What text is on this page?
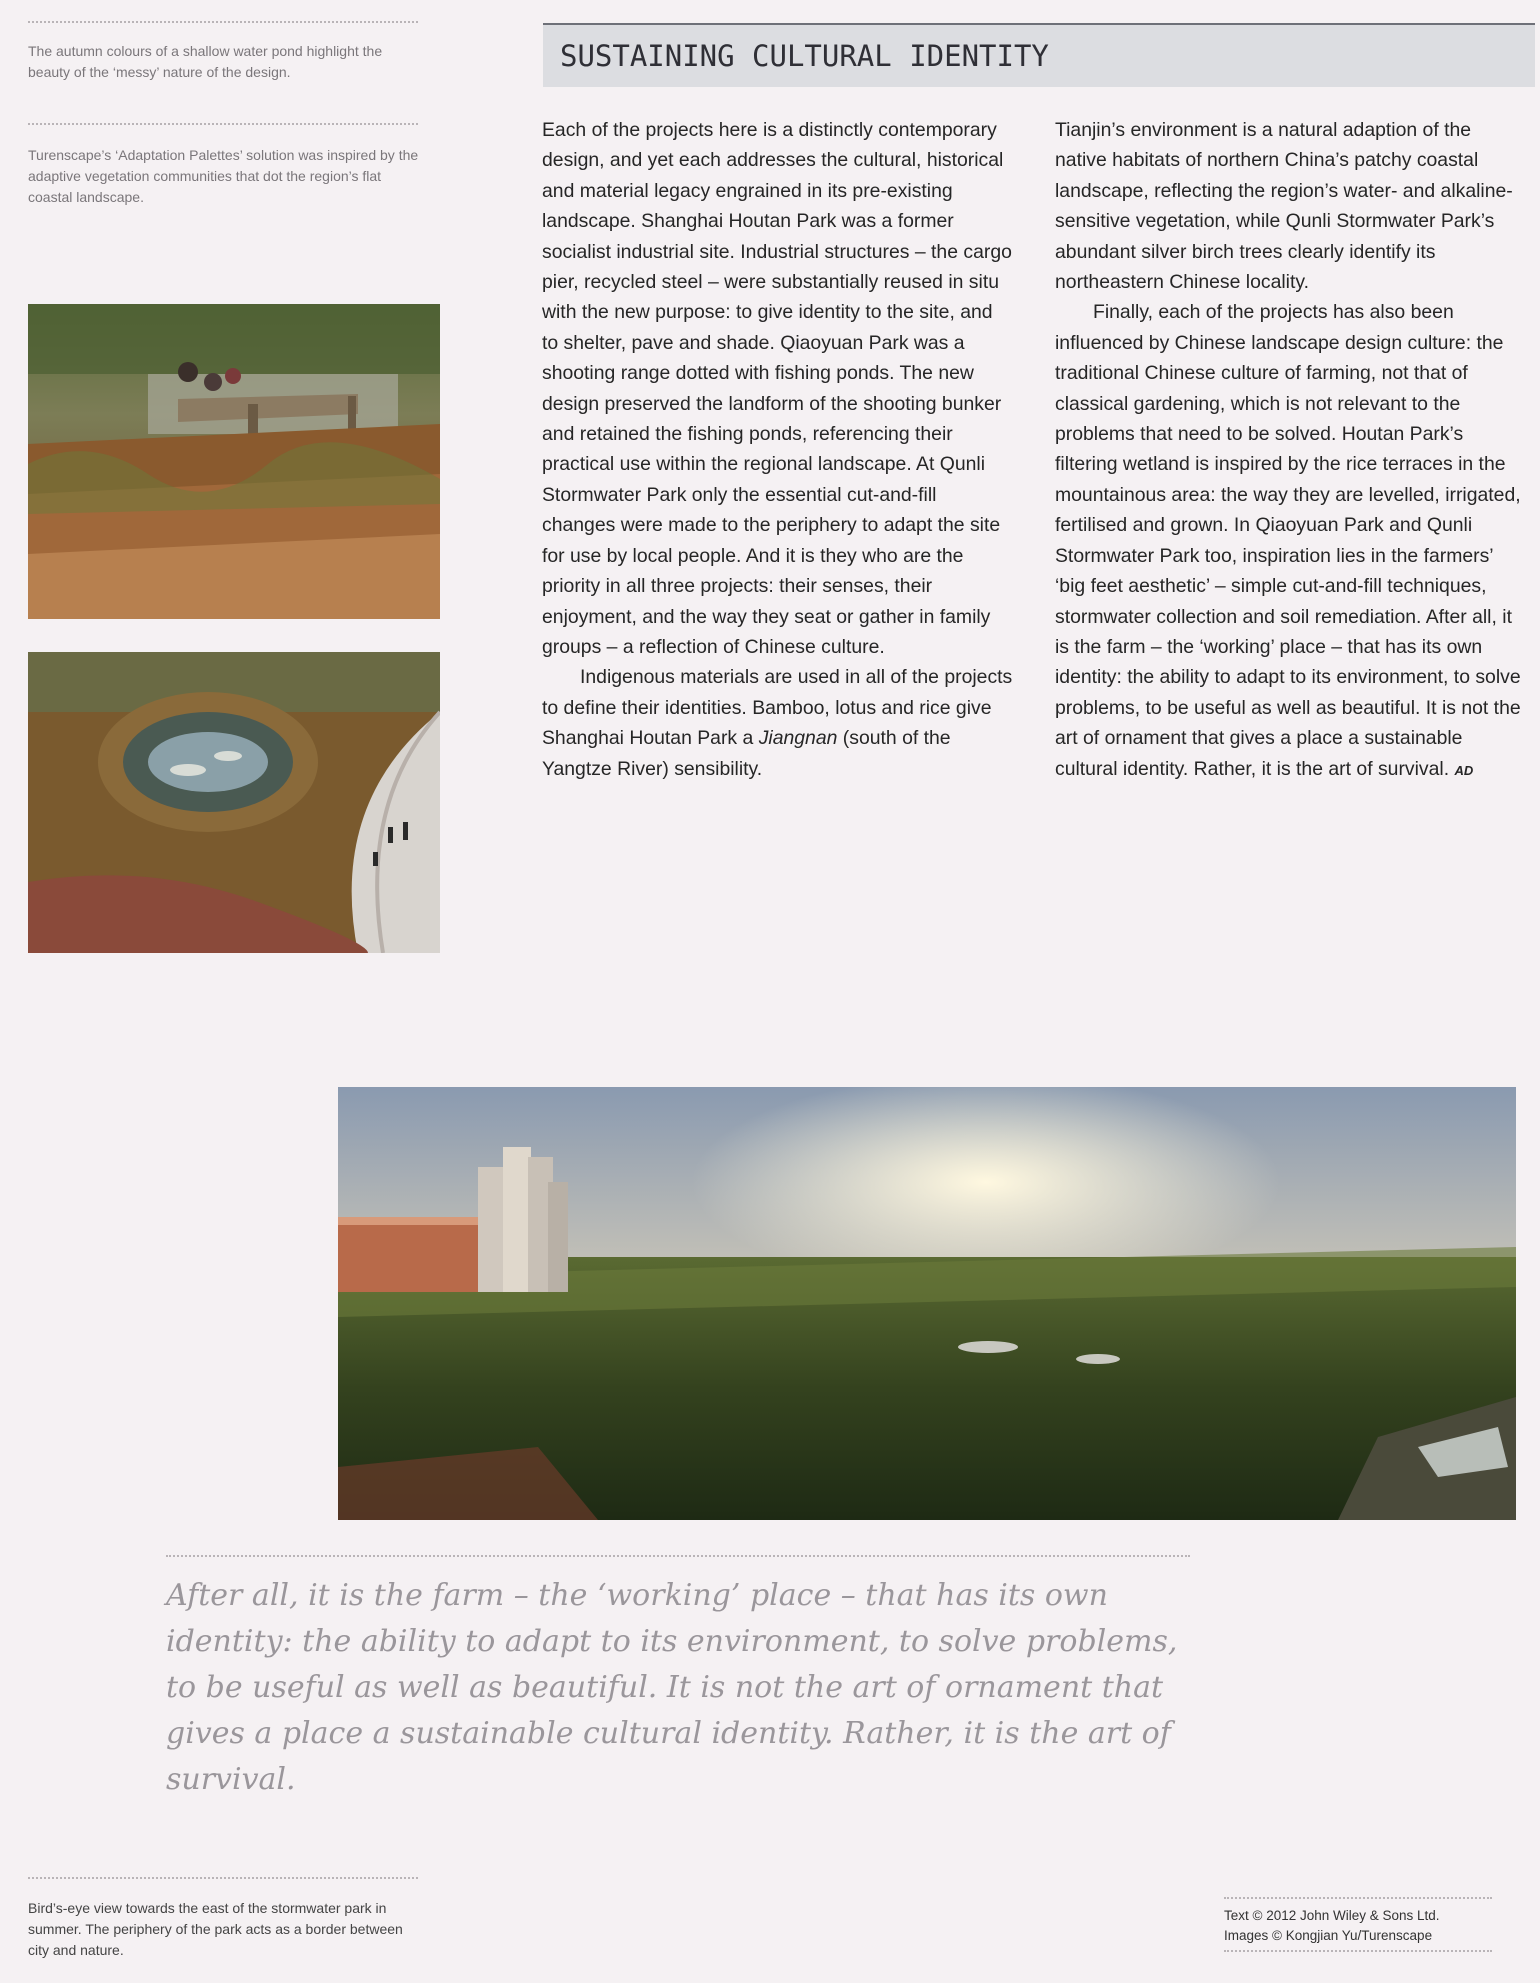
The autumn colours of a shallow water pond highlight the beauty of the ‘messy’ nature of the design.

Turenscape’s ‘Adaptation Palettes’ solution was inspired by the adaptive vegetation communities that dot the region’s flat coastal landscape.

SUSTAINING CULTURAL IDENTITY

Each of the projects here is a distinctly contemporary design, and yet each addresses the cultural, historical and material legacy engrained in its pre-existing landscape. Shanghai Houtan Park was a former socialist industrial site. Industrial structures – the cargo pier, recycled steel – were substantially reused in situ with the new purpose: to give identity to the site, and to shelter, pave and shade. Qiaoyuan Park was a shooting range dotted with fishing ponds. The new design preserved the landform of the shooting bunker and retained the fishing ponds, referencing their practical use within the regional landscape. At Qunli Stormwater Park only the essential cut-and-fill changes were made to the periphery to adapt the site for use by local people. And it is they who are the priority in all three projects: their senses, their enjoyment, and the way they seat or gather in family groups – a reflection of Chinese culture.

Indigenous materials are used in all of the projects to define their identities. Bamboo, lotus and rice give Shanghai Houtan Park a Jiangnan (south of the Yangtze River) sensibility.

Tianjin’s environment is a natural adaption of the native habitats of northern China’s patchy coastal landscape, reflecting the region’s water- and alkaline-sensitive vegetation, while Qunli Stormwater Park’s abundant silver birch trees clearly identify its northeastern Chinese locality.

Finally, each of the projects has also been influenced by Chinese landscape design culture: the traditional Chinese culture of farming, not that of classical gardening, which is not relevant to the problems that need to be solved. Houtan Park’s filtering wetland is inspired by the rice terraces in the mountainous area: the way they are levelled, irrigated, fertilised and grown. In Qiaoyuan Park and Qunli Stormwater Park too, inspiration lies in the farmers’ ‘big feet aesthetic’ – simple cut-and-fill techniques, stormwater collection and soil remediation. After all, it is the farm – the ‘working’ place – that has its own identity: the ability to adapt to its environment, to solve problems, to be useful as well as beautiful. It is not the art of ornament that gives a place a sustainable cultural identity. Rather, it is the art of survival. AD

After all, it is the farm – the ‘working’ place – that has its own identity: the ability to adapt to its environment, to solve problems, to be useful as well as beautiful. It is not the art of ornament that gives a place a sustainable cultural identity. Rather, it is the art of survival.

Bird’s-eye view towards the east of the stormwater park in summer. The periphery of the park acts as a border between city and nature.

Text © 2012 John Wiley & Sons Ltd.

Images © Kongjian Yu/Turenscape
